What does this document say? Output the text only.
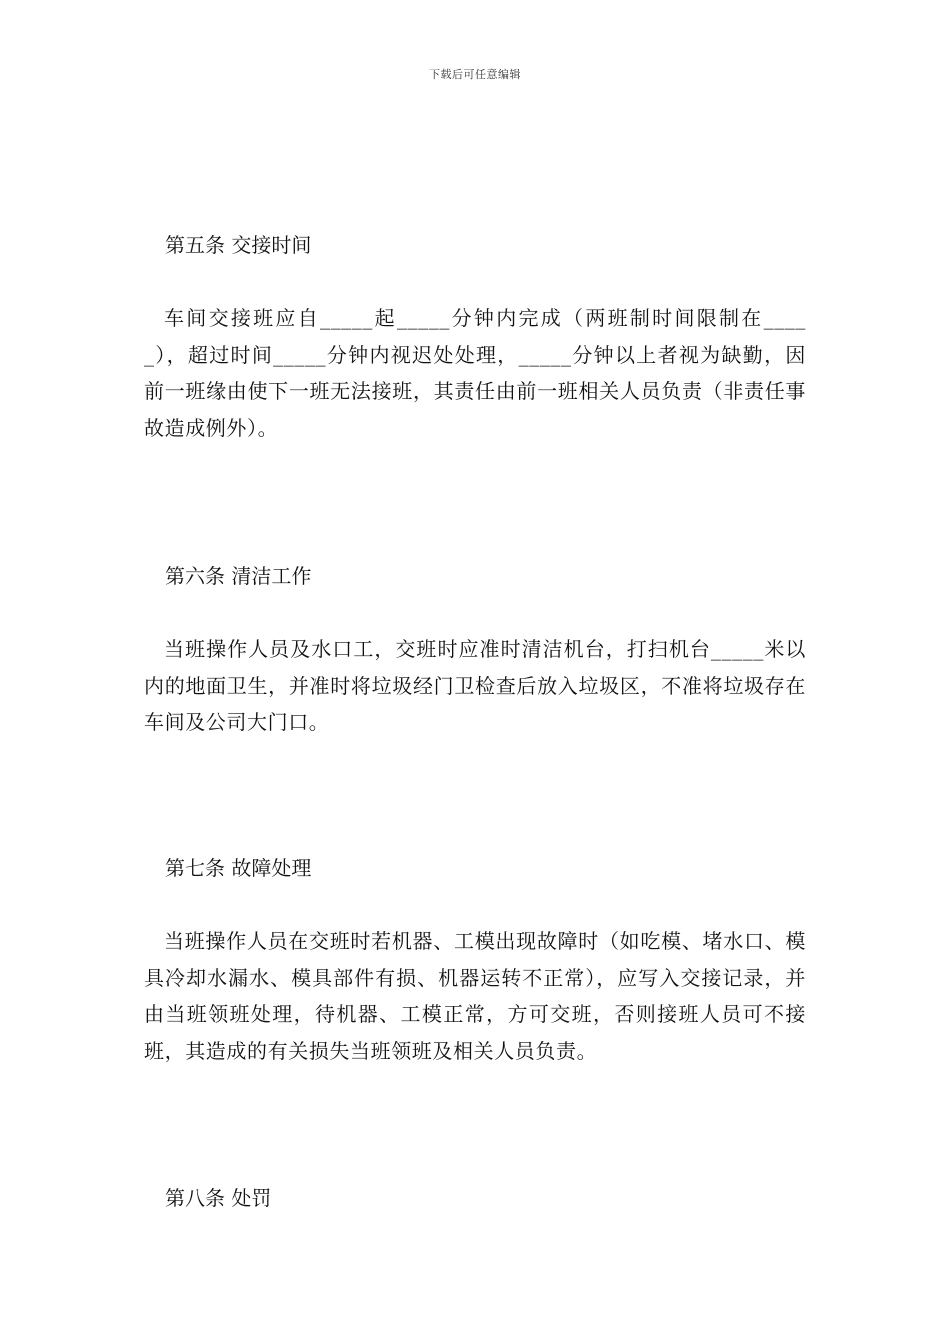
下载后可任意编辑
第五条 交接时间
车间交接班应自_____起_____分钟内完成（两班制时间限制在_____），超过时间_____分钟内视迟处处理，_____分钟以上者视为缺勤，因前一班缘由使下一班无法接班，其责任由前一班相关人员负责（非责任事故造成例外）。
第六条 清洁工作
当班操作人员及水口工，交班时应准时清洁机台，打扫机台_____米以内的地面卫生，并准时将垃圾经门卫检查后放入垃圾区，不准将垃圾存在车间及公司大门口。
第七条 故障处理
当班操作人员在交班时若机器、工模出现故障时（如吃模、堵水口、模具冷却水漏水、模具部件有损、机器运转不正常），应写入交接记录，并由当班领班处理，待机器、工模正常，方可交班，否则接班人员可不接班，其造成的有关损失当班领班及相关人员负责。
第八条 处罚
